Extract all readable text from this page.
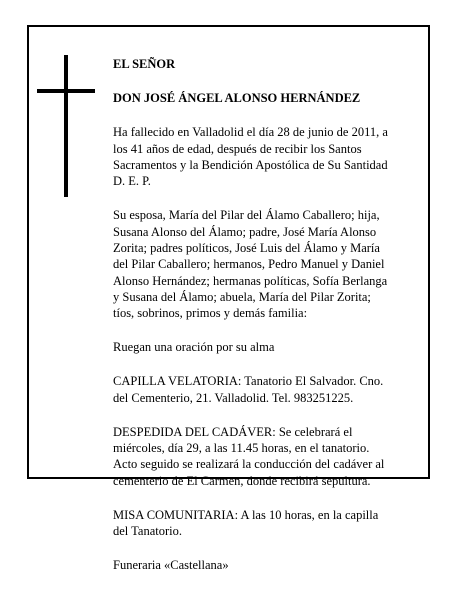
EL SEÑOR

DON JOSÉ ÁNGEL ALONSO HERNÁNDEZ

Ha fallecido en Valladolid el día 28 de junio de 2011, a
los 41 años de edad, después de recibir los Santos
Sacramentos y la Bendición Apostólica de Su Santidad
D. E. P.

Su esposa, María del Pilar del Álamo Caballero; hija,
Susana Alonso del Álamo; padre, José María Alonso
Zorita; padres políticos, José Luis del Álamo y María
del Pilar Caballero; hermanos, Pedro Manuel y Daniel
Alonso Hernández; hermanas políticas, Sofía Berlanga
y Susana del Álamo; abuela, María del Pilar Zorita;
tíos, sobrinos, primos y demás familia:

Ruegan una oración por su alma

CAPILLA VELATORIA: Tanatorio El Salvador. Cno.
del Cementerio, 21. Valladolid. Tel. 983251225.

DESPEDIDA DEL CADÁVER: Se celebrará el
miércoles, día 29, a las 11.45 horas, en el tanatorio.
Acto seguido se realizará la conducción del cadáver al
cementerio de El Carmen, donde recibirá sepultura.

MISA COMUNITARIA: A las 10 horas, en la capilla
del Tanatorio.

Funeraria «Castellana»
